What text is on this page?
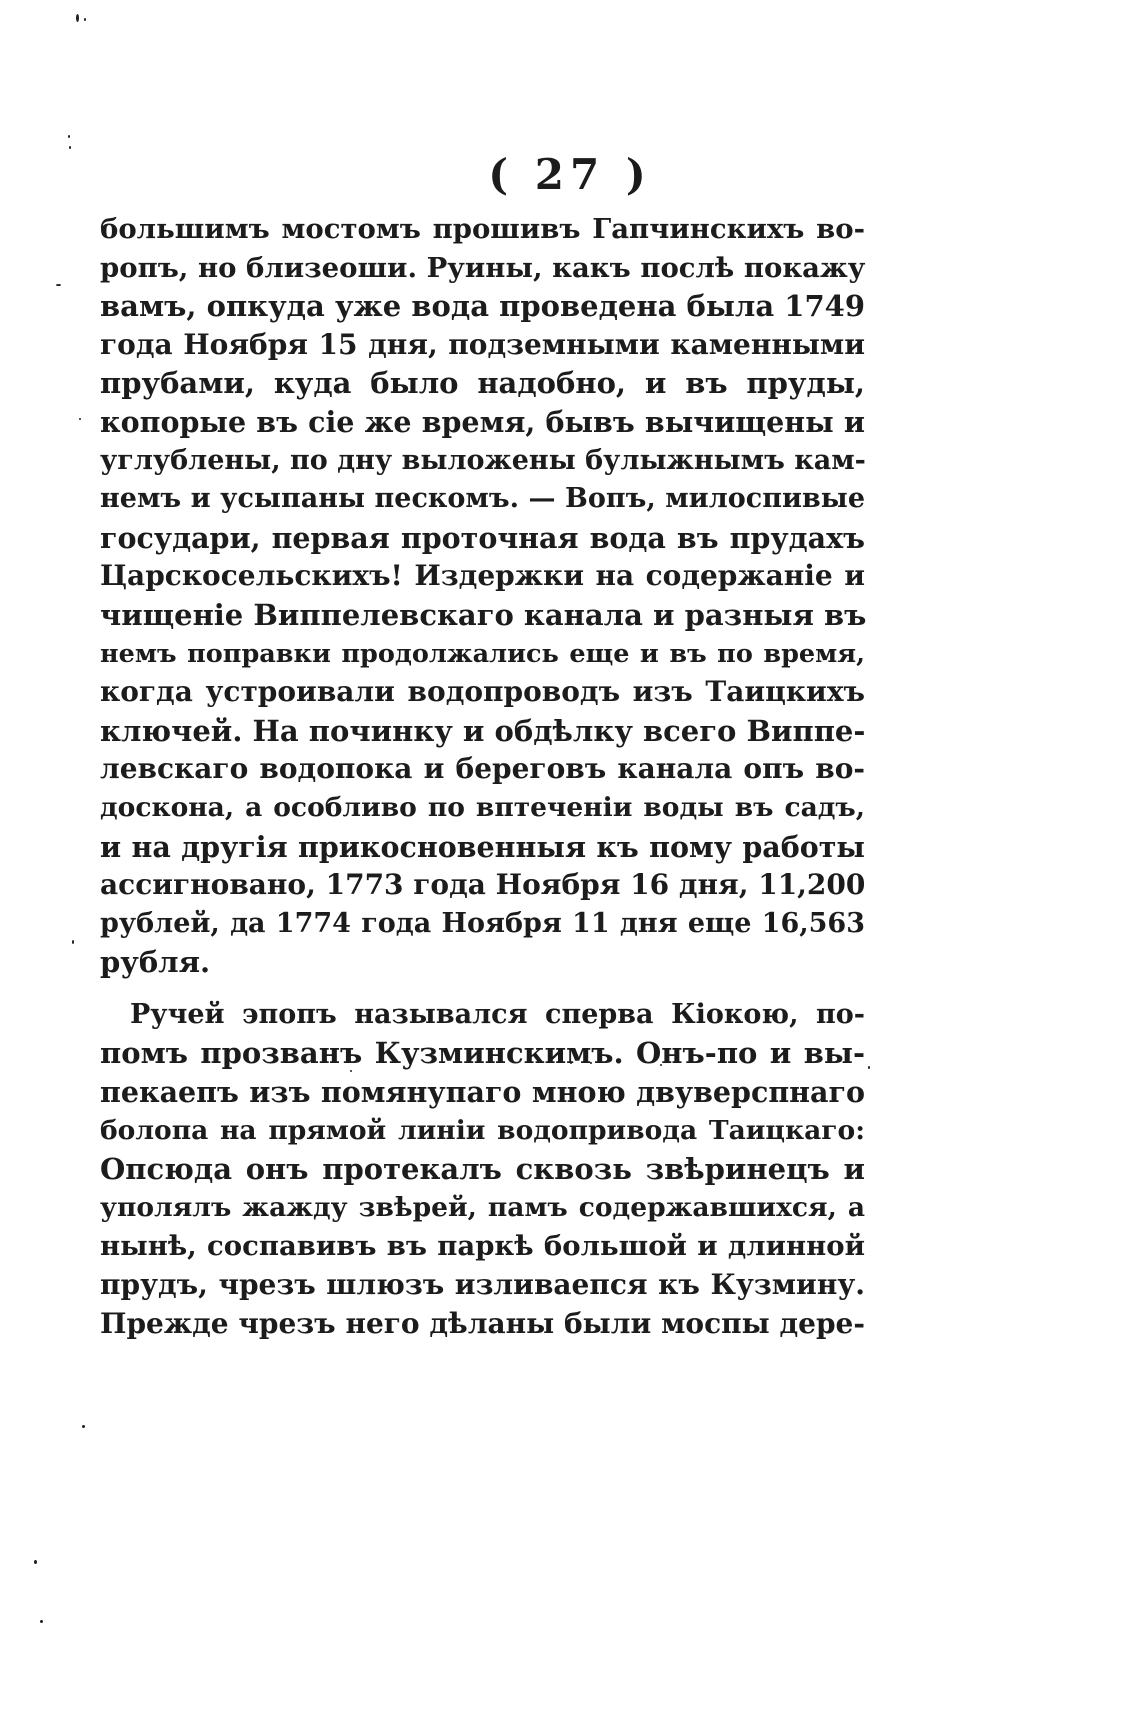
( 27 )
большимъ мостомъ прошивъ Гапчинскихъ во-
ропъ, но близеоши. Руины, какъ послѣ покажу
вамъ, опкуда уже вода проведена была 1749
года Ноября 15 дня, подземными каменными
прубами, куда было надобно, и въ пруды,
копорые въ сіе же время, бывъ вычищены и
углублены, по дну выложены булыжнымъ кам-
немъ и усыпаны пескомъ. — Вопъ, милоспивые
государи, первая проточная вода въ прудахъ
Царскосельскихъ! Издержки на содержаніе и
чищеніе Виппелевскаго канала и разныя въ
немъ поправки продолжались еще и въ по время,
когда устроивали водопроводъ изъ Таицкихъ
ключей. На починку и обдѣлку всего Виппе-
левскаго водопока и береговъ канала опъ во-
доскона, а особливо по вптеченіи воды въ садъ,
и на другія прикосновенныя къ пому работы
ассигновано, 1773 года Ноября 16 дня, 11,200
рублей, да 1774 года Ноября 11 дня еще 16,563
рубля.
Ручей эпопъ назывался сперва Кіокою, по-
помъ прозванъ Кузминскимъ. Онъ-по и вы-
пекаепъ изъ помянупаго мною двуверспнаго
болопа на прямой линіи водопривода Таицкаго:
Опсюда онъ протекалъ сквозь звѣринецъ и
уполялъ жажду звѣрей, памъ содержавшихся, а
нынѣ, соспавивъ въ паркѣ большой и длинной
прудъ, чрезъ шлюзъ изливаепся къ Кузмину.
Прежде чрезъ него дѣланы были моспы дере-
